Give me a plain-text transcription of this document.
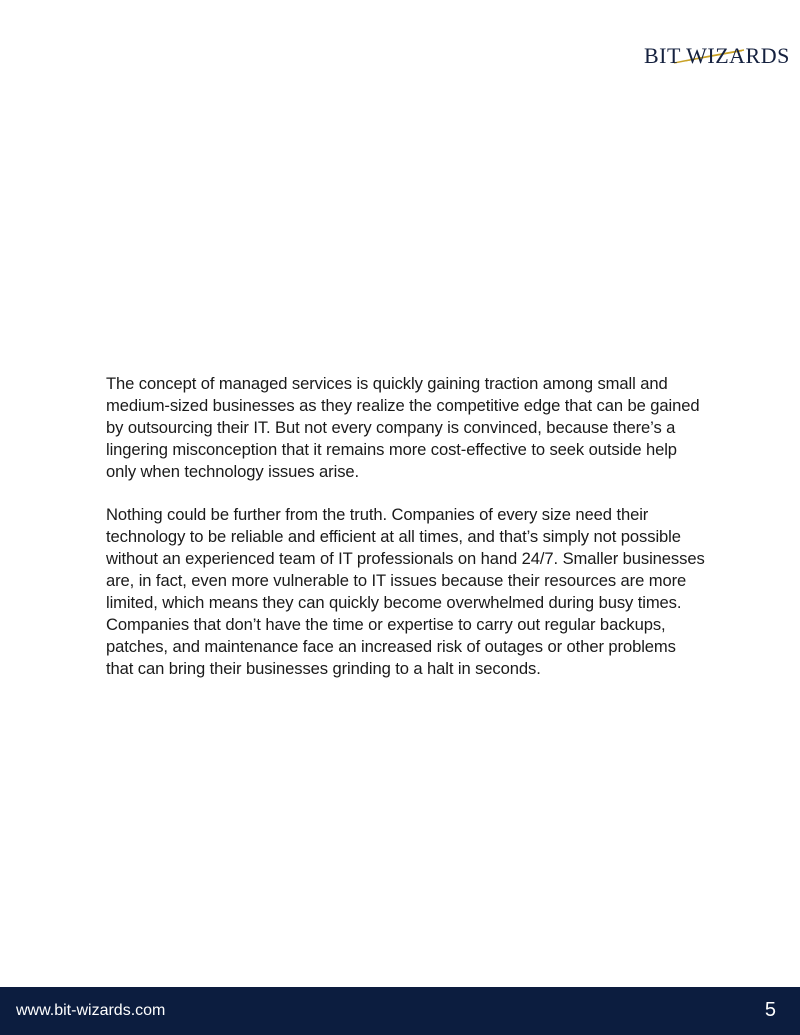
BIT WIZARDS

The concept of managed services is quickly gaining traction among small and medium-sized businesses as they realize the competitive edge that can be gained by outsourcing their IT. But not every company is convinced, because there’s a lingering misconception that it remains more cost-effective to seek outside help only when technology issues arise.

Nothing could be further from the truth. Companies of every size need their technology to be reliable and efficient at all times, and that’s simply not possible without an experienced team of IT professionals on hand 24/7. Smaller businesses are, in fact, even more vulnerable to IT issues because their resources are more limited, which means they can quickly become overwhelmed during busy times. Companies that don’t have the time or expertise to carry out regular backups, patches, and maintenance face an increased risk of outages or other problems that can bring their businesses grinding to a halt in seconds.

www.bit-wizards.com	5
